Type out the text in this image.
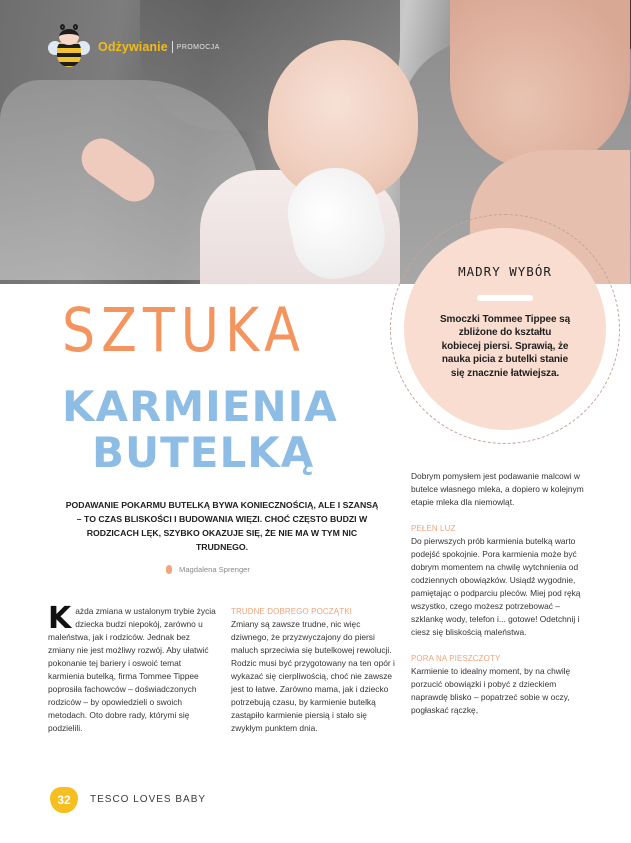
Odżywianie PROMOCJA
MADRY WYBÓR
Smoczki Tommee Tippee są zbliżone do kształtu kobiecej piersi. Sprawią, że nauka picia z butelki stanie się znacznie łatwiejsza.
SZTUKA
KARMIENIA
BUTELKĄ
PODAWANIE POKARMU BUTELKĄ BYWA KONIECZNOŚCIĄ, ALE I SZANSĄ – TO CZAS BLISKOŚCI I BUDOWANIA WIĘZI. CHOĆ CZĘSTO BUDZI W RODZICACH LĘK, SZYBKO OKAZUJE SIĘ, ŻE NIE MA W TYM NIC TRUDNEGO.
Magdalena Sprenger
K ażda zmiana w ustalonym trybie życia dziecka budzi niepokój, zarówno u maleństwa, jak i rodziców. Jednak bez zmiany nie jest możliwy rozwój. Aby ułatwić pokonanie tej bariery i oswoić temat karmienia butelką, firma Tommee Tippee poprosiła fachowców – doświadczonych rodziców – by opowiedzieli o swoich metodach. Oto dobre rady, którymi się podzielili.

TRUDNE DOBREGO POCZĄTKI

Zmiany są zawsze trudne, nic więc dziwnego, że przyzwyczajony do piersi maluch sprzeciwia się butelkowej rewolucji. Rodzic musi być przygotowany na ten opór i wykazać się cierpliwością, choć nie zawsze jest to łatwe. Zarówno mama, jak i dziecko potrzebują czasu, by karmienie butelką zastąpiło karmienie piersią i stało się zwykłym punktem dnia.

Dobrym pomysłem jest podawanie malcowi w butelce własnego mleka, a dopiero w kolejnym etapie mleka dla niemowląt.

PEŁEN LUZ

Do pierwszych prób karmienia butelką warto podejść spokojnie. Pora karmienia może być dobrym momentem na chwilę wytchnienia od codziennych obowiązków. Usiądź wygodnie, pamiętając o podparciu pleców. Miej pod ręką wszystko, czego możesz potrzebować – szklankę wody, telefon i... gotowe! Odetchnij i ciesz się bliskością maleństwa.

PORA NA PIESZCZOTY

Karmienie to idealny moment, by na chwilę porzucić obowiązki i pobyć z dzieckiem naprawdę blisko – popatrzeć sobie w oczy, pogłaskać rączkę,

32	TESCO LOVES BABY
